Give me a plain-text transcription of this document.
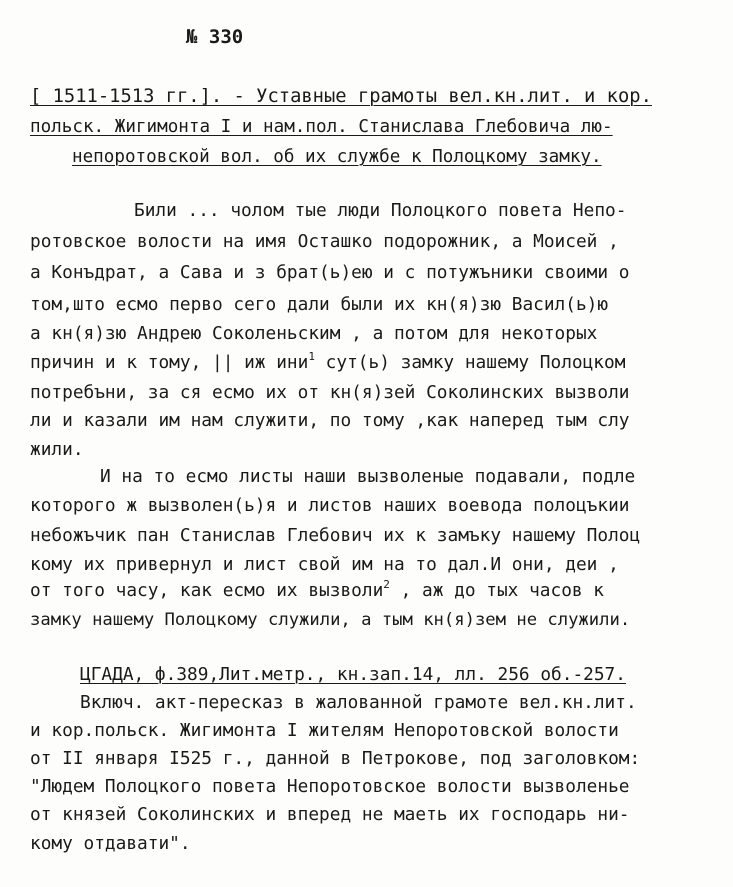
№ 330
[ 1511-1513 гг.]. - Уставные грамоты вел.кн.лит. и кор.
польск. Жигимонта I и нам.пол. Станислава Глебовича лю-
непоротовской вол. об их службе к Полоцкому замку.
Били ... чолом тые люди Полоцкого повета Непо-
ротовское волости на имя Осташко подорожник, а Моисей ,
а Конъдрат, а Сава и з брат(ь)ею и с потужъники своими о
том,што есмо перво сего дали были их кн(я)зю Васил(ь)ю
а кн(я)зю Андрею Соколеньским , а потом для некоторых
причин и к тому, || иж ини$^1$ сут(ь) замку нашему Полоцком
потребъни, за ся есмо их от кн(я)зей Соколинских вызволи
ли и казали им нам служити, по тому ,как наперед тым слу
жили.
И на то есмо листы наши вызволеные подавали, подле
которого ж вызволен(ь)я и листов наших воевода полоцъкии
небожъчик пан Станислав Глебович их к замъку нашему Полоц
кому их привернул и лист свой им на то дал.И они, деи ,
от того часу, как есмо их вызволи$^2$ , аж до тых часов к
замку нашему Полоцкому служили, а тым кн(я)зем не служили.
ЦГАДА, ф.389,Лит.метр., кн.зап.14, лл. 256 об.-257.
Включ. акт-пересказ в жалованной грамоте вел.кн.лит.
и кор.польск. Жигимонта I жителям Непоротовской волости
от II января I525 г., данной в Петрокове, под заголовком:
"Людем Полоцкого повета Непоротовское волости вызволенье
от князей Соколинских и вперед не маеть их господарь ни-
кому отдавати".
